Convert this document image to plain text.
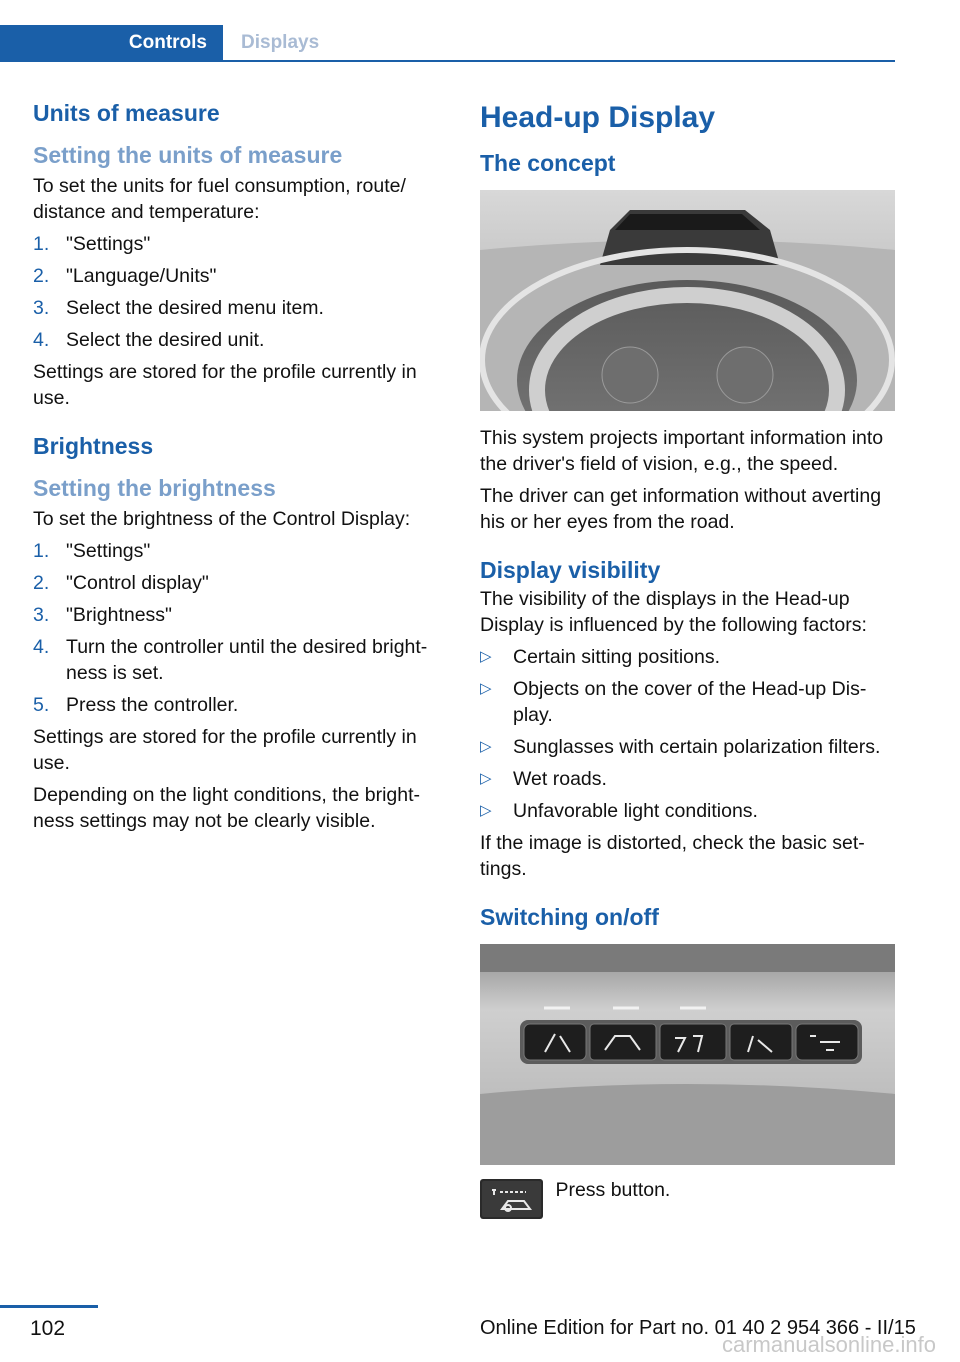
Controls	Displays
Units of measure
Setting the units of measure

To set the units for fuel consumption, route/ distance and temperature:

1. "Settings"
2. "Language/Units"
3. Select the desired menu item.
4. Select the desired unit.

Settings are stored for the profile currently in use.

Brightness
Setting the brightness

To set the brightness of the Control Display:

1. "Settings"
2. "Control display"
3. "Brightness"
4. Turn the controller until the desired bright‐ ness is set.
5. Press the controller.

Settings are stored for the profile currently in use.

Depending on the light conditions, the bright‐ ness settings may not be clearly visible.

Head-up Display
The concept

This system projects important information into the driver's field of vision, e.g., the speed.

The driver can get information without averting his or her eyes from the road.

Display visibility

The visibility of the displays in the Head-up Display is influenced by the following factors:

▷ Certain sitting positions.
▷ Objects on the cover of the Head-up Dis‐ play.
▷ Sunglasses with certain polarization filters.
▷ Wet roads.
▷ Unfavorable light conditions.

If the image is distorted, check the basic set‐ tings.

Switching on/off
Press button.
102	Online Edition for Part no. 01 40 2 954 366 - II/15
carmanualsonline.info
